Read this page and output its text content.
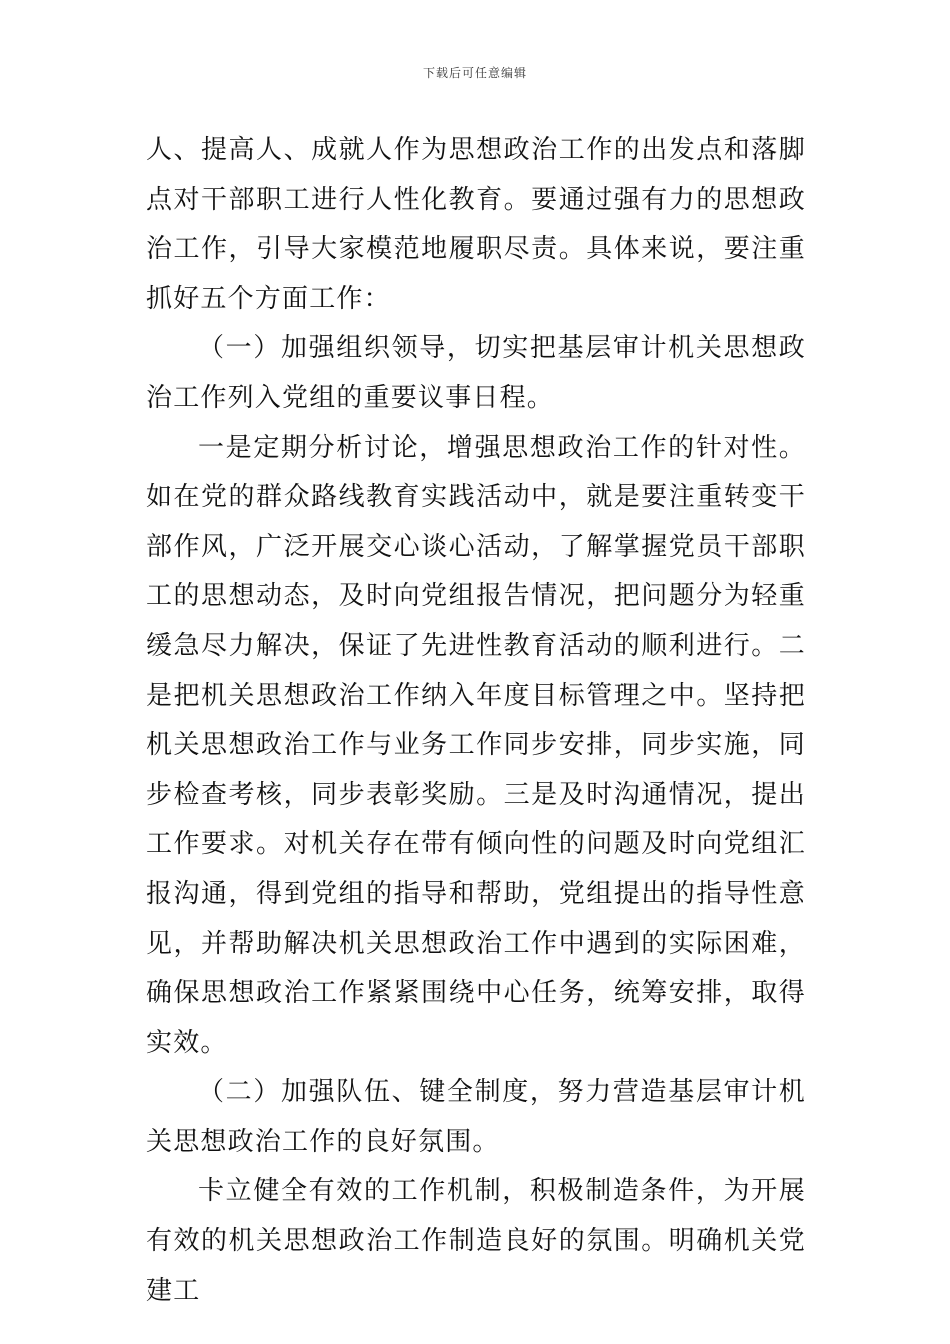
下载后可任意编辑

人、提高人、成就人作为思想政治工作的出发点和落脚点对干部职工进行人性化教育。要通过强有力的思想政治工作，引导大家模范地履职尽责。具体来说，要注重抓好五个方面工作：

（一）加强组织领导，切实把基层审计机关思想政治工作列入党组的重要议事日程。

一是定期分析讨论，增强思想政治工作的针对性。如在党的群众路线教育实践活动中，就是要注重转变干部作风，广泛开展交心谈心活动，了解掌握党员干部职工的思想动态，及时向党组报告情况，把问题分为轻重缓急尽力解决，保证了先进性教育活动的顺利进行。二是把机关思想政治工作纳入年度目标管理之中。坚持把机关思想政治工作与业务工作同步安排，同步实施，同步检查考核，同步表彰奖励。三是及时沟通情况，提出工作要求。对机关存在带有倾向性的问题及时向党组汇报沟通，得到党组的指导和帮助，党组提出的指导性意见，并帮助解决机关思想政治工作中遇到的实际困难，确保思想政治工作紧紧围绕中心任务，统筹安排，取得实效。

（二）加强队伍、键全制度，努力营造基层审计机关思想政治工作的良好氛围。

卡立健全有效的工作机制，积极制造条件，为开展有效的机关思想政治工作制造良好的氛围。明确机关党建工
